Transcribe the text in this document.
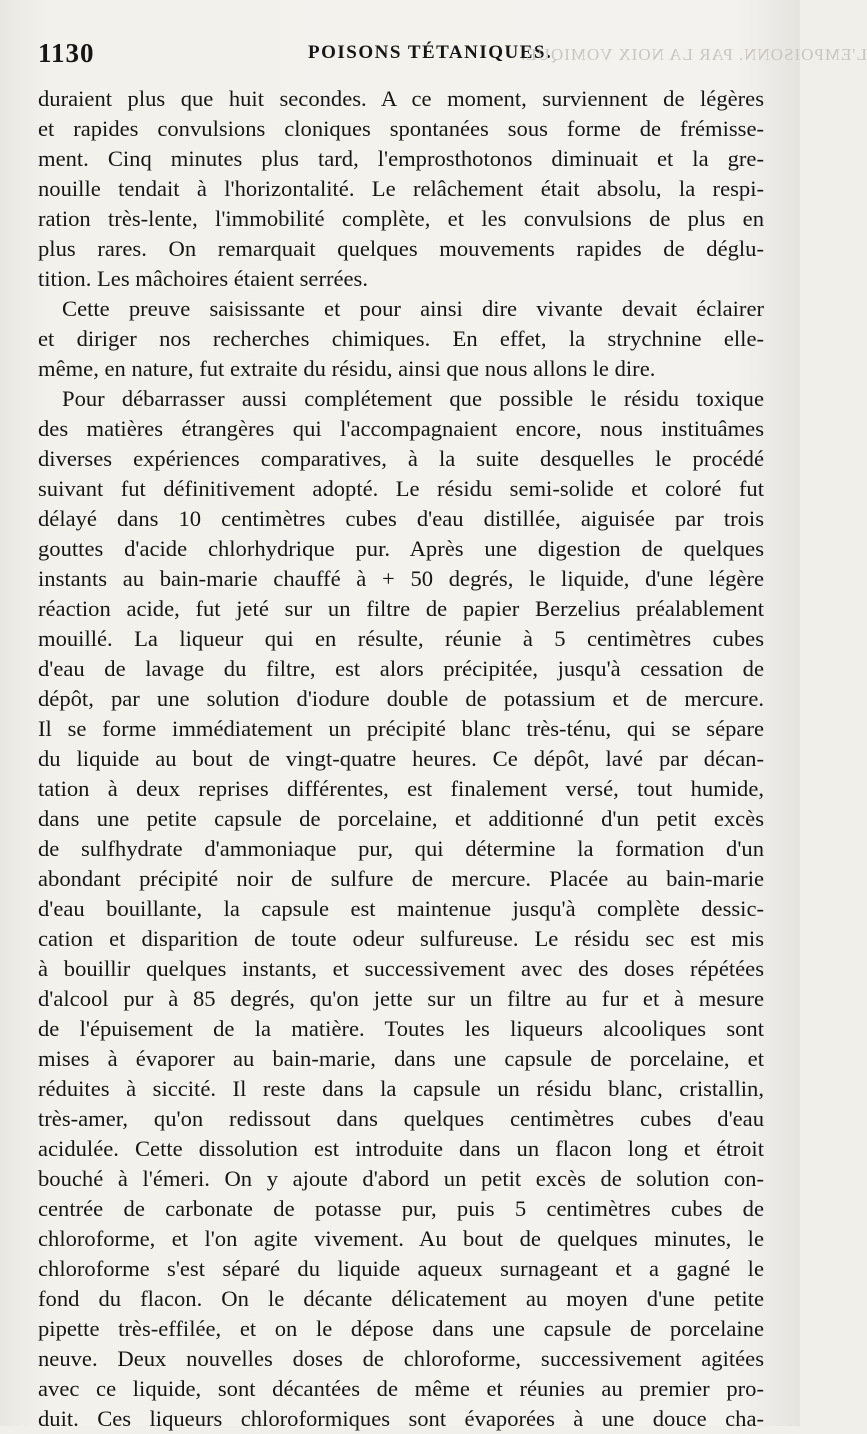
1130	POISONS TÉTANIQUES.
L'EMPOISONN. PAR LA NOIX VOMIQUE.
duraient plus que huit secondes. A ce moment, surviennent de légères
et rapides convulsions cloniques spontanées sous forme de frémisse-
ment. Cinq minutes plus tard, l'emprosthotonos diminuait et la gre-
nouille tendait à l'horizontalité. Le relâchement était absolu, la respi-
ration très-lente, l'immobilité complète, et les convulsions de plus en
plus rares. On remarquait quelques mouvements rapides de déglu-
tition. Les mâchoires étaient serrées.
Cette preuve saisissante et pour ainsi dire vivante devait éclairer
et diriger nos recherches chimiques. En effet, la strychnine elle-
même, en nature, fut extraite du résidu, ainsi que nous allons le dire.
Pour débarrasser aussi complétement que possible le résidu toxique
des matières étrangères qui l'accompagnaient encore, nous instituâmes
diverses expériences comparatives, à la suite desquelles le procédé
suivant fut définitivement adopté. Le résidu semi-solide et coloré fut
délayé dans 10 centimètres cubes d'eau distillée, aiguisée par trois
gouttes d'acide chlorhydrique pur. Après une digestion de quelques
instants au bain-marie chauffé à + 50 degrés, le liquide, d'une légère
réaction acide, fut jeté sur un filtre de papier Berzelius préalablement
mouillé. La liqueur qui en résulte, réunie à 5 centimètres cubes
d'eau de lavage du filtre, est alors précipitée, jusqu'à cessation de
dépôt, par une solution d'iodure double de potassium et de mercure.
Il se forme immédiatement un précipité blanc très-ténu, qui se sépare
du liquide au bout de vingt-quatre heures. Ce dépôt, lavé par décan-
tation à deux reprises différentes, est finalement versé, tout humide,
dans une petite capsule de porcelaine, et additionné d'un petit excès
de sulfhydrate d'ammoniaque pur, qui détermine la formation d'un
abondant précipité noir de sulfure de mercure. Placée au bain-marie
d'eau bouillante, la capsule est maintenue jusqu'à complète dessic-
cation et disparition de toute odeur sulfureuse. Le résidu sec est mis
à bouillir quelques instants, et successivement avec des doses répétées
d'alcool pur à 85 degrés, qu'on jette sur un filtre au fur et à mesure
de l'épuisement de la matière. Toutes les liqueurs alcooliques sont
mises à évaporer au bain-marie, dans une capsule de porcelaine, et
réduites à siccité. Il reste dans la capsule un résidu blanc, cristallin,
très-amer, qu'on redissout dans quelques centimètres cubes d'eau
acidulée. Cette dissolution est introduite dans un flacon long et étroit
bouché à l'émeri. On y ajoute d'abord un petit excès de solution con-
centrée de carbonate de potasse pur, puis 5 centimètres cubes de
chloroforme, et l'on agite vivement. Au bout de quelques minutes, le
chloroforme s'est séparé du liquide aqueux surnageant et a gagné le
fond du flacon. On le décante délicatement au moyen d'une petite
pipette très-effilée, et on le dépose dans une capsule de porcelaine
neuve. Deux nouvelles doses de chloroforme, successivement agitées
avec ce liquide, sont décantées de même et réunies au premier pro-
duit. Ces liqueurs chloroformiques sont évaporées à une douce cha-
